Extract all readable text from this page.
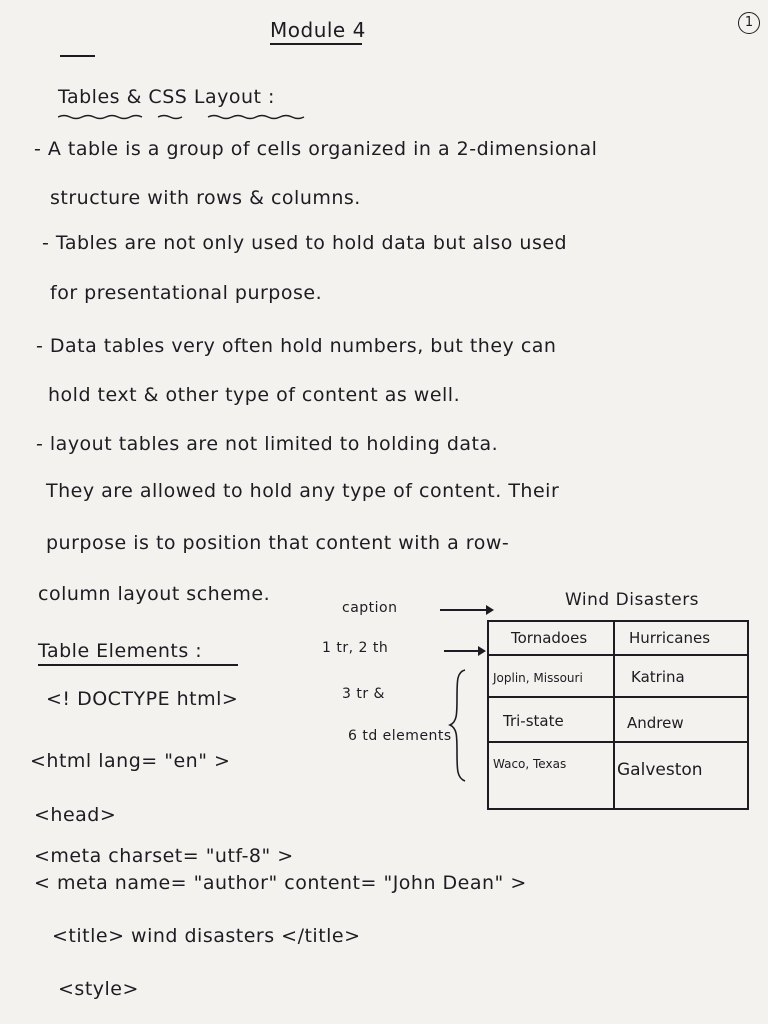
Module 4	1
Tables & CSS Layout :
- A table is a group of cells organized in a 2-dimensional
structure with rows & columns.
- Tables are not only used to hold data but also used
for presentational purpose.
- Data tables very often hold numbers, but they can
hold text & other type of content as well.
- layout tables are not limited to holding data.
They are allowed to hold any type of content. Their
purpose is to position that content with a row-
column layout scheme.
Table Elements :
<! DOCTYPE html>
<html lang= "en" >
<head>
<meta charset= "utf-8" >
< meta name= "author" content= "John Dean" >
<title> wind disasters </title>
<style>
caption	Wind Disasters
1 tr, 2 th
3 tr &
6 td elements
Tornadoes	Hurricanes
Joplin, Missouri	Katrina
Tri-state	Andrew
Waco, Texas	Galveston
